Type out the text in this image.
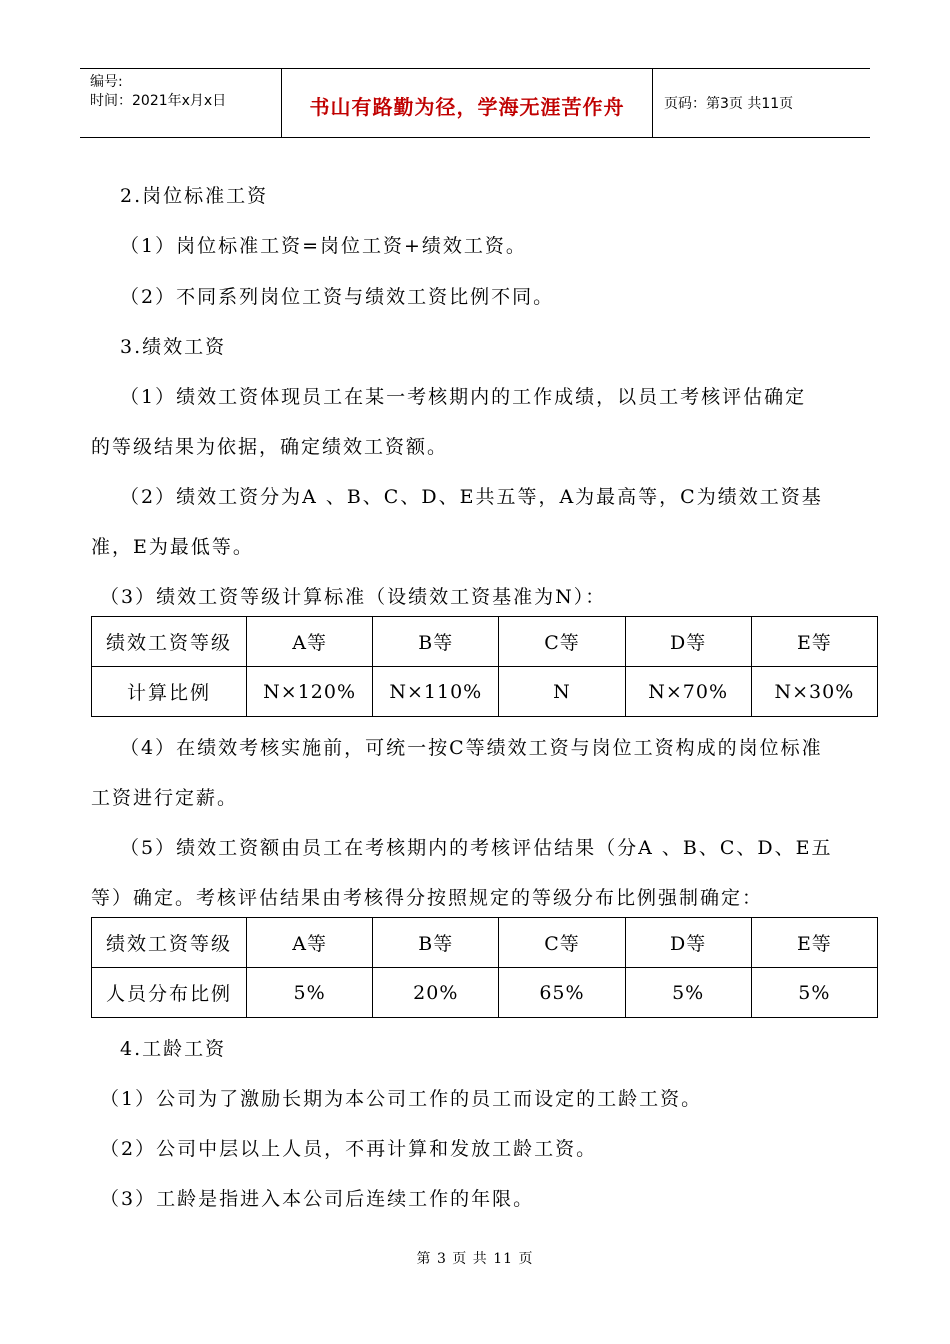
编号:
时间：2021年x月x日	书山有路勤为径，学海无涯苦作舟	页码：第3页 共11页
2.岗位标准工资
（1）岗位标准工资=岗位工资+绩效工资。
（2）不同系列岗位工资与绩效工资比例不同。
3.绩效工资
（1）绩效工资体现员工在某一考核期内的工作成绩，以员工考核评估确定
的等级结果为依据，确定绩效工资额。
（2）绩效工资分为A 、B、C、D、E共五等，A为最高等，C为绩效工资基
准，E为最低等。
（3）绩效工资等级计算标准（设绩效工资基准为N）：
绩效工资等级	A等	B等	C等	D等	E等
计算比例	N×120%	N×110%	N	N×70%	N×30%
（4）在绩效考核实施前，可统一按C等绩效工资与岗位工资构成的岗位标准
工资进行定薪。
（5）绩效工资额由员工在考核期内的考核评估结果（分A 、B、C、D、E五
等）确定。考核评估结果由考核得分按照规定的等级分布比例强制确定：
绩效工资等级	A等	B等	C等	D等	E等
人员分布比例	5%	20%	65%	5%	5%
4.工龄工资
（1）公司为了激励长期为本公司工作的员工而设定的工龄工资。
（2）公司中层以上人员，不再计算和发放工龄工资。
（3）工龄是指进入本公司后连续工作的年限。
第 3 页 共 11 页
